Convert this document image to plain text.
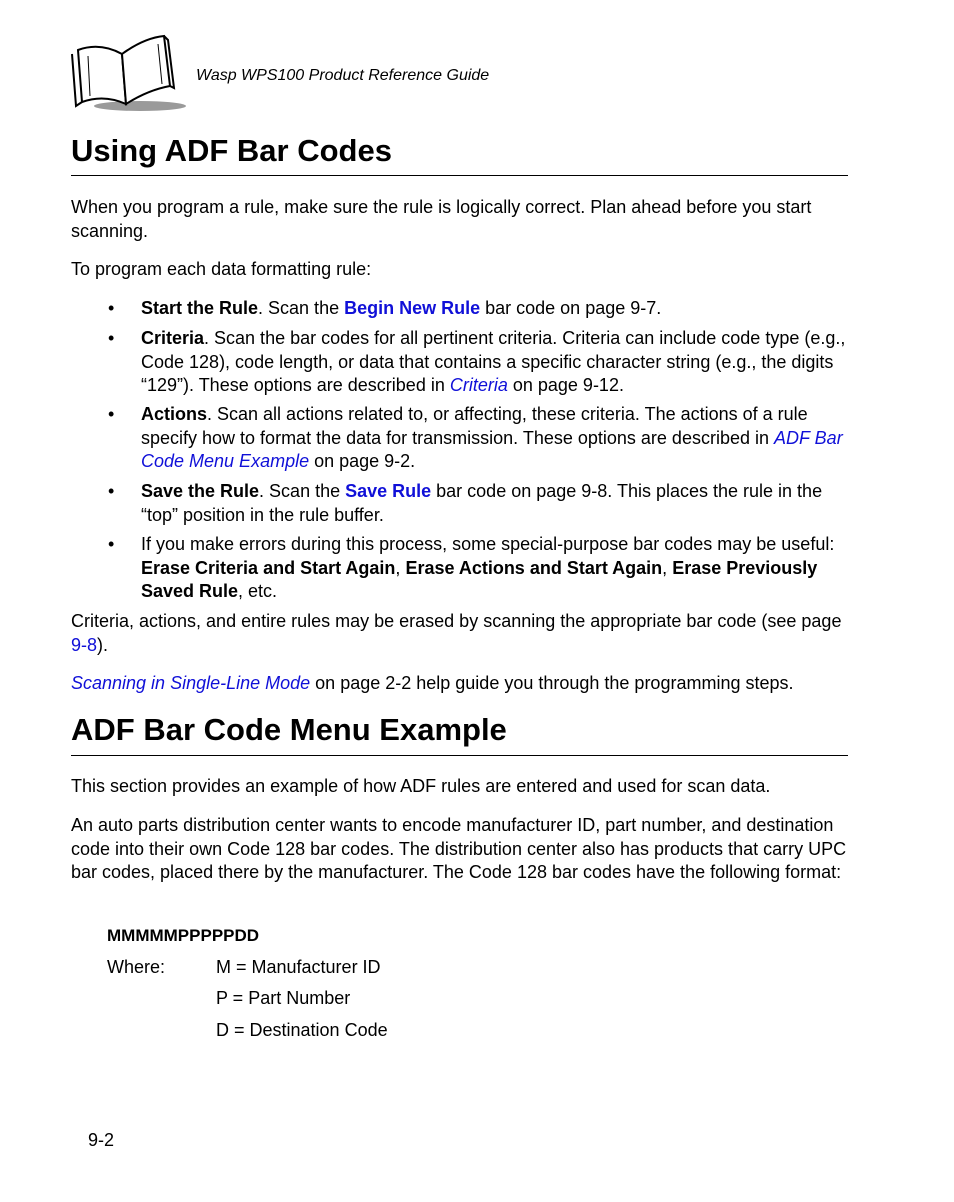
Wasp WPS100 Product Reference Guide
Using ADF Bar Codes

When you program a rule, make sure the rule is logically correct. Plan ahead before you start scanning.

To program each data formatting rule:

• Start the Rule. Scan the Begin New Rule bar code on page 9-7.

• Criteria. Scan the bar codes for all pertinent criteria. Criteria can include code type (e.g., Code 128), code length, or data that contains a specific character string (e.g., the digits “129”). These options are described in Criteria on page 9-12.

• Actions. Scan all actions related to, or affecting, these criteria. The actions of a rule specify how to format the data for transmission. These options are described in ADF Bar Code Menu Example on page 9-2.

• Save the Rule. Scan the Save Rule bar code on page 9-8. This places the rule in the “top” position in the rule buffer.

• If you make errors during this process, some special-purpose bar codes may be useful: Erase Criteria and Start Again, Erase Actions and Start Again, Erase Previously Saved Rule, etc.

Criteria, actions, and entire rules may be erased by scanning the appropriate bar code (see page 9-8).

Scanning in Single-Line Mode on page 2-2 help guide you through the programming steps.

ADF Bar Code Menu Example

This section provides an example of how ADF rules are entered and used for scan data.

An auto parts distribution center wants to encode manufacturer ID, part number, and destination code into their own Code 128 bar codes. The distribution center also has products that carry UPC bar codes, placed there by the manufacturer. The Code 128 bar codes have the following format:

MMMMMPPPPPDD
Where:	M = Manufacturer ID
P = Part Number
D = Destination Code
9-2
